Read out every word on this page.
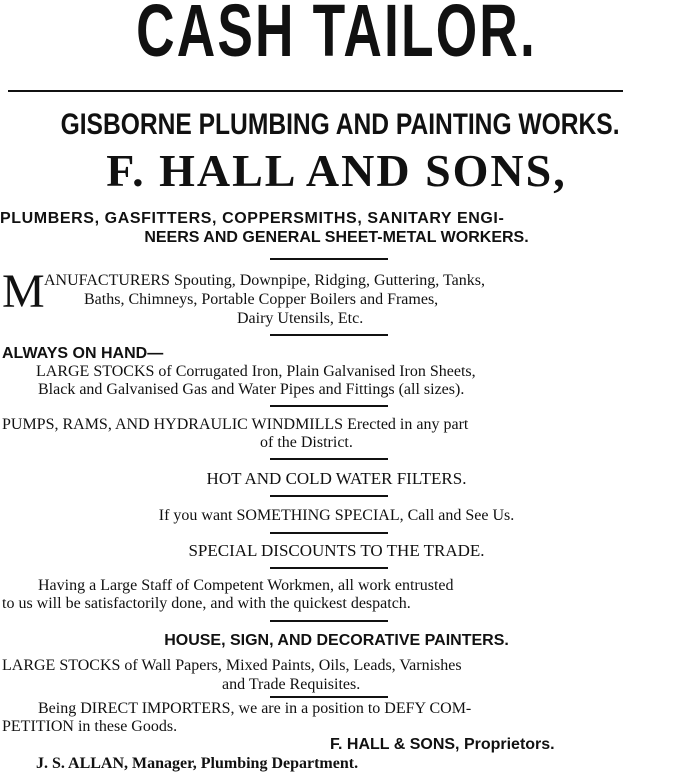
CASH TAILOR.
GISBORNE PLUMBING AND PAINTING WORKS.
F. HALL AND SONS,
PLUMBERS, GASFITTERS, COPPERSMITHS, SANITARY ENGI-
NEERS AND GENERAL SHEET-METAL WORKERS.
M ANUFACTURERS Spouting, Downpipe, Ridging, Guttering, Tanks,
Baths, Chimneys, Portable Copper Boilers and Frames,
Dairy Utensils, Etc.
ALWAYS ON HAND—
LARGE STOCKS of Corrugated Iron, Plain Galvanised Iron Sheets,
Black and Galvanised Gas and Water Pipes and Fittings (all sizes).
PUMPS, RAMS, AND HYDRAULIC WINDMILLS Erected in any part
of the District.
HOT AND COLD WATER FILTERS.
If you want SOMETHING SPECIAL, Call and See Us.
SPECIAL DISCOUNTS TO THE TRADE.
Having a Large Staff of Competent Workmen, all work entrusted
to us will be satisfactorily done, and with the quickest despatch.
HOUSE, SIGN, AND DECORATIVE PAINTERS.
LARGE STOCKS of Wall Papers, Mixed Paints, Oils, Leads, Varnishes
and Trade Requisites.
Being DIRECT IMPORTERS, we are in a position to DEFY COM-
PETITION in these Goods.
F. HALL & SONS, Proprietors.
J. S. ALLAN, Manager, Plumbing Department.
